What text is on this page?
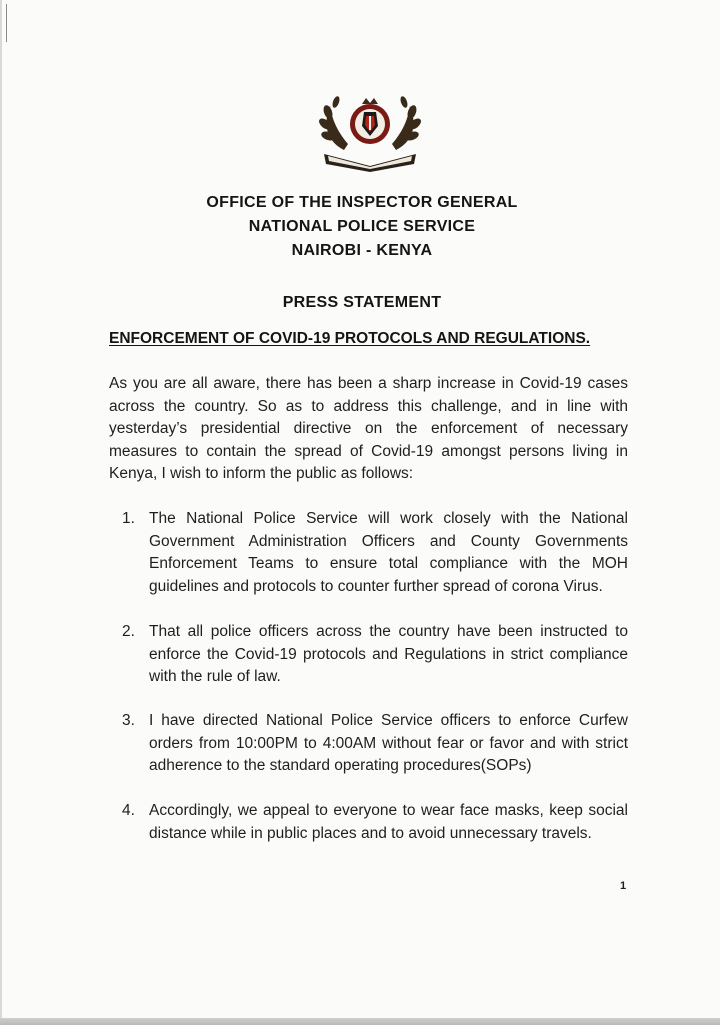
OFFICE OF THE INSPECTOR GENERAL
NATIONAL POLICE SERVICE
NAIROBI - KENYA
PRESS STATEMENT
ENFORCEMENT OF COVID-19 PROTOCOLS AND REGULATIONS.

As you are all aware, there has been a sharp increase in Covid-19 cases across the country. So as to address this challenge, and in line with yesterday’s presidential directive on the enforcement of necessary measures to contain the spread of Covid-19 amongst persons living in Kenya, I wish to inform the public as follows:

1. The National Police Service will work closely with the National Government Administration Officers and County Governments Enforcement Teams to ensure total compliance with the MOH guidelines and protocols to counter further spread of corona Virus.

2. That all police officers across the country have been instructed to enforce the Covid-19 protocols and Regulations in strict compliance with the rule of law.

3. I have directed National Police Service officers to enforce Curfew orders from 10:00PM to 4:00AM without fear or favor and with strict adherence to the standard operating procedures(SOPs)

4. Accordingly, we appeal to everyone to wear face masks, keep social distance while in public places and to avoid unnecessary travels.

1
